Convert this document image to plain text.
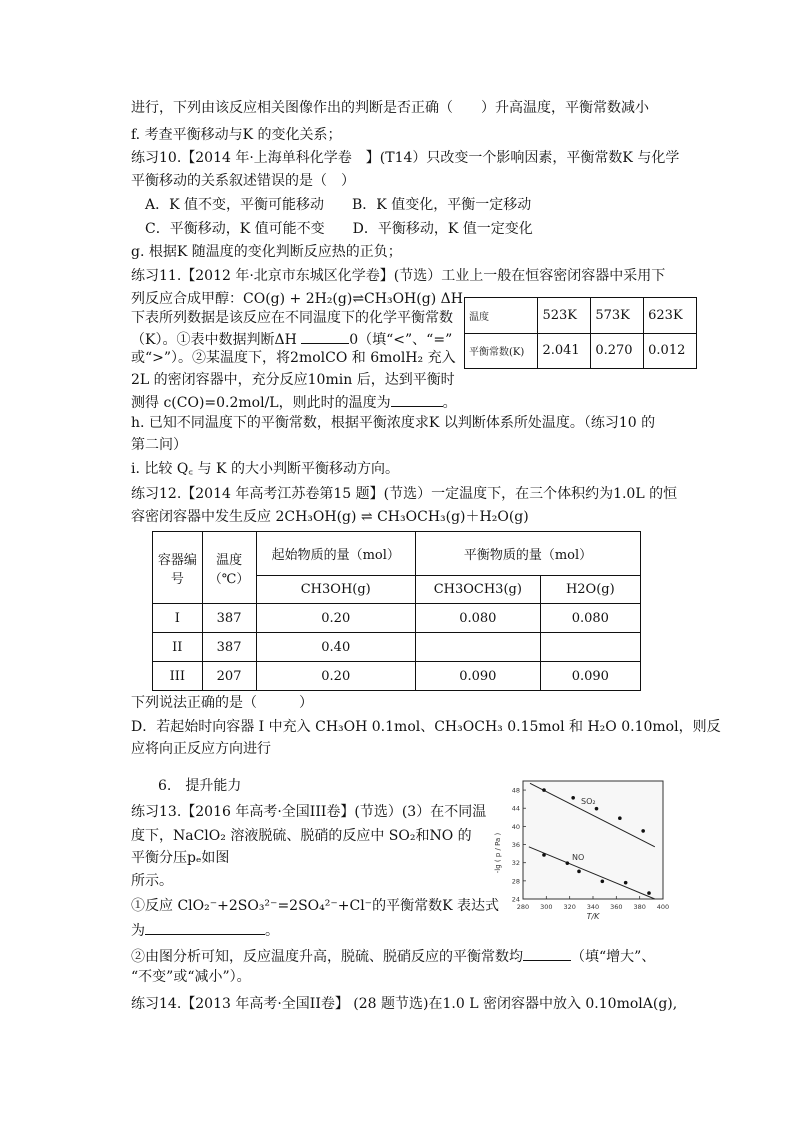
进行，下列由该反应相关图像作出的判断是否正确（　　）升高温度，平衡常数减小
f. 考查平衡移动与K 的变化关系；
练习10.【2014 年·上海单科化学卷　】(T14）只改变一个影响因素，平衡常数K 与化学
平衡移动的关系叙述错误的是（　）
　A．K 值不变，平衡可能移动　　B．K 值变化，平衡一定移动
　C．平衡移动，K 值可能不变　　D．平衡移动，K 值一定变化
g. 根据K 随温度的变化判断反应热的正负；
练习11.【2012 年·北京市东城区化学卷】(节选）工业上一般在恒容密闭容器中采用下
列反应合成甲醇：CO(g) + 2H₂(g)⇌CH₃OH(g) ΔH
下表所列数据是该反应在不同温度下的化学平衡常数
（K）。①表中数据判断ΔH	0（填“<”、“=”
或“>”）。②某温度下，将2molCO 和 6molH₂ 充入
2L 的密闭容器中，充分反应10min 后，达到平衡时
测得 c(CO)=0.2mol/L，则此时的温度为	。
h. 已知不同温度下的平衡常数，根据平衡浓度求K 以判断体系所处温度。（练习10 的
第二问）
i. 比较 Q꜀ 与 K 的大小判断平衡移动方向。
练习12.【2014 年高考江苏卷第15 题】(节选）一定温度下，在三个体积约为1.0L 的恒
容密闭容器中发生反应 2CH₃OH(g) ⇌ CH₃OCH₃(g)＋H₂O(g)
温度	523K	573K	623K
平衡常数(K)	2.041	0.270	0.012
容器编号	温度（℃）	起始物质的量（mol）	平衡物质的量（mol）	
		CH3OH(g)	CH3OCH3(g)	H2O(g)
I	387	0.20	0.080	0.080
II	387	0.40		
III	207	0.20	0.090	0.090
下列说法正确的是（　　　）
D．若起始时向容器 I 中充入 CH₃OH 0.1mol、CH₃OCH₃ 0.15mol 和 H₂O 0.10mol，则反
应将向正反应方向进行
6.　提升能力
练习13.【2016 年高考·全国III卷】(节选）(3）在不同温
度下，NaClO₂ 溶液脱硫、脱硝的反应中 SO₂和NO 的
平衡分压pₑ如图
所示。
①反应 ClO₂⁻+2SO₃²⁻=2SO₄²⁻+Cl⁻的平衡常数K 表达式
为	。
②由图分析可知，反应温度升高，脱硫、脱硝反应的平衡常数均	（填“增大”、
“不变”或“减小”）。
练习14.【2013 年高考·全国II卷】 (28 题节选)在1.0 L 密闭容器中放入 0.10molA(g),
280 300 320 340 360 380 400
24
28
32
36
40
44
48
-lg ( p / Pa )
T/K
SO₂
NO
